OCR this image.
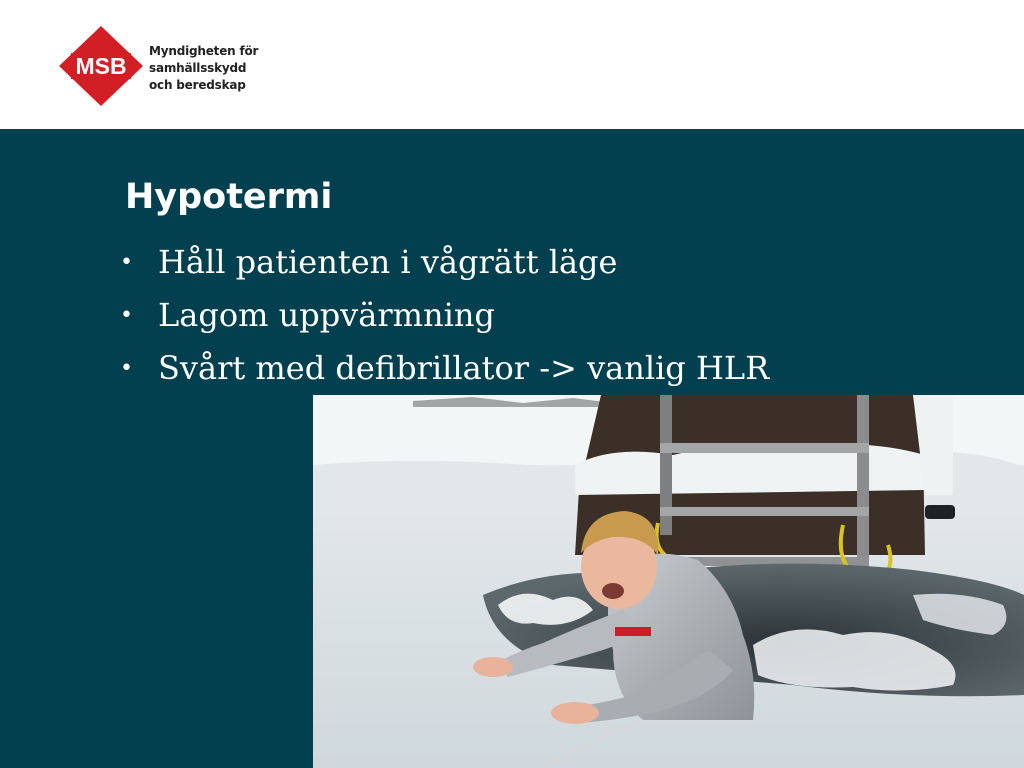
MSB
Myndigheten för
samhällsskydd
och beredskap
Hypotermi
• Håll patienten i vågrätt läge
• Lagom uppvärmning
• Svårt med defibrillator -> vanlig HLR
